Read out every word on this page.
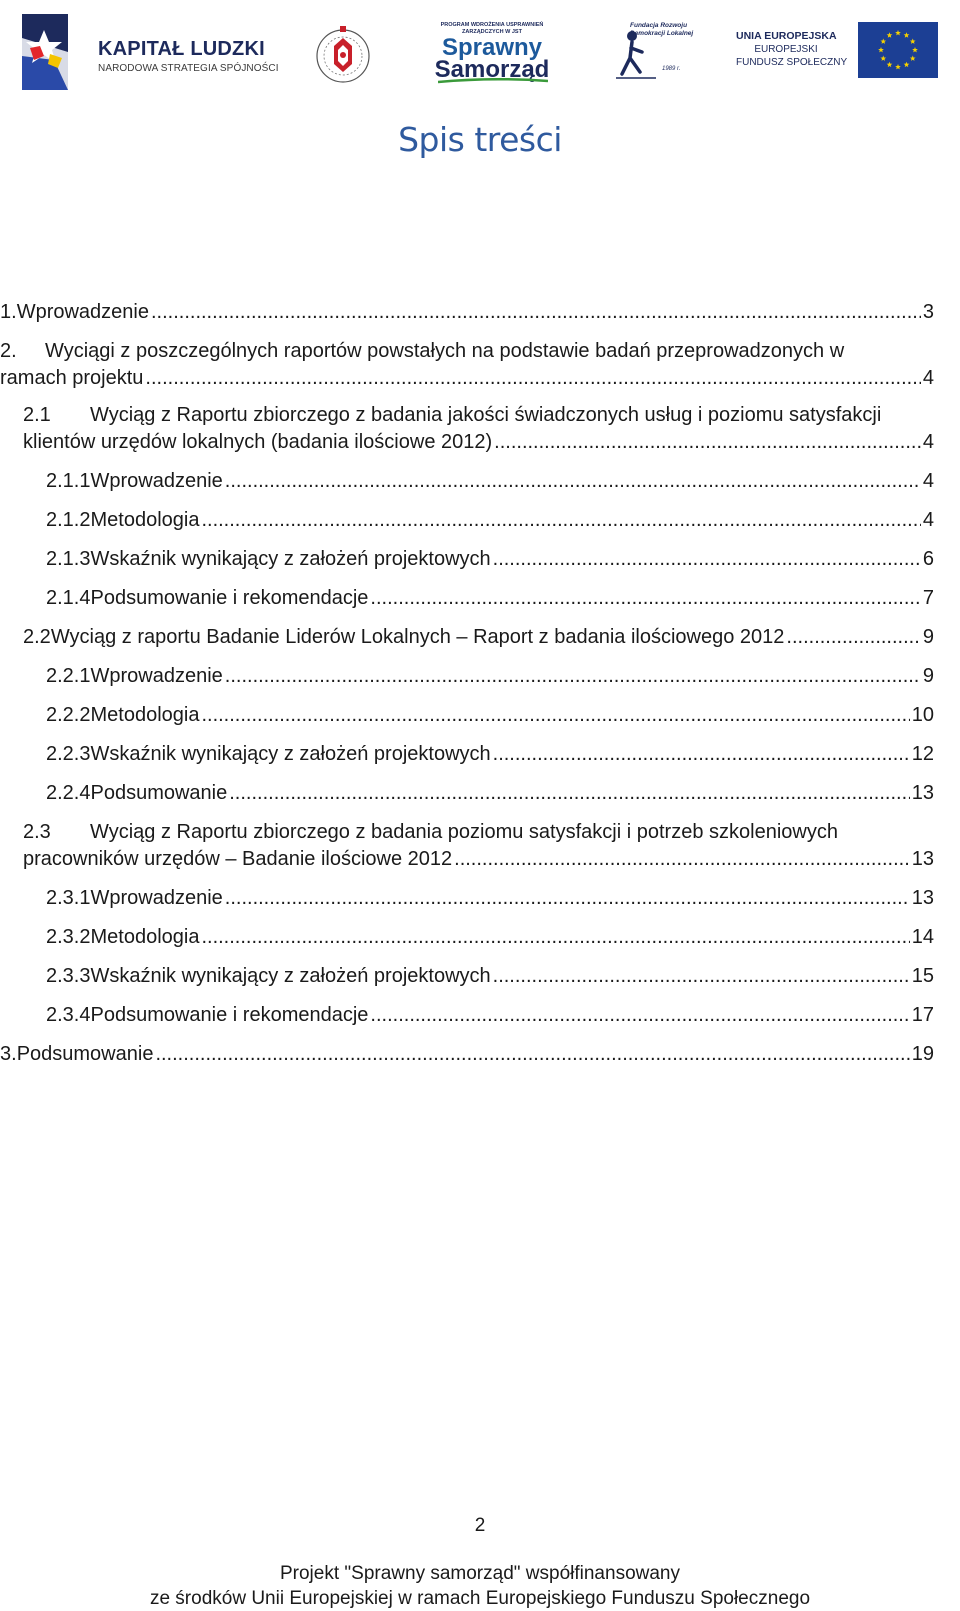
KAPITAŁ LUDZKI
NARODOWA STRATEGIA SPÓJNOŚCI
PROGRAM WDROŻENIA USPRAWNIEŃ ZARZĄDCZYCH W JST
Sprawny
Samorząd
Fundacja Rozwoju
Demokracji Lokalnej
1989 r.
UNIA EUROPEJSKA
EUROPEJSKI
FUNDUSZ SPOŁECZNY
Spis treści
1. Wprowadzenie .....	3
2. Wyciągi z poszczególnych raportów powstałych na podstawie badań przeprowadzonych w
ramach projektu .....	4
2.1 Wyciąg z Raportu zbiorczego z badania jakości świadczonych usług i poziomu satysfakcji
klientów urzędów lokalnych (badania ilościowe 2012) .....	4
2.1.1 Wprowadzenie .....	4
2.1.2 Metodologia .....	4
2.1.3 Wskaźnik wynikający z założeń projektowych .....	6
2.1.4 Podsumowanie i rekomendacje .....	7
2.2 Wyciąg z raportu Badanie Liderów Lokalnych – Raport z badania ilościowego 2012 .....	9
2.2.1 Wprowadzenie .....	9
2.2.2 Metodologia .....	10
2.2.3 Wskaźnik wynikający z założeń projektowych .....	12
2.2.4 Podsumowanie .....	13
2.3 Wyciąg z Raportu zbiorczego z badania poziomu satysfakcji i potrzeb szkoleniowych
pracowników urzędów – Badanie ilościowe 2012 .....	13
2.3.1 Wprowadzenie .....	13
2.3.2 Metodologia .....	14
2.3.3 Wskaźnik wynikający z założeń projektowych .....	15
2.3.4 Podsumowanie i rekomendacje .....	17
3. Podsumowanie .....	19
2
Projekt "Sprawny samorząd" współfinansowany
ze środków Unii Europejskiej w ramach Europejskiego Funduszu Społecznego
